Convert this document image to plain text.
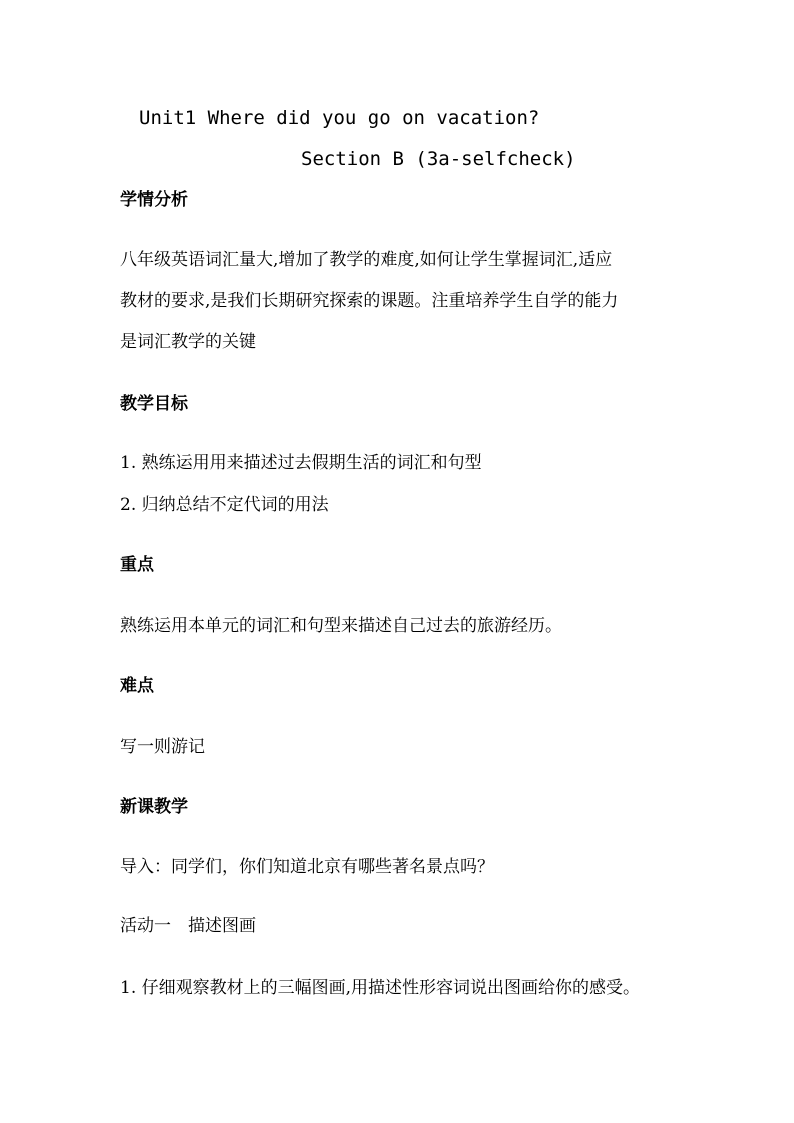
Unit1 Where did you go on vacation?
Section B (3a-selfcheck)
学情分析
八年级英语词汇量大,增加了教学的难度,如何让学生掌握词汇,适应
教材的要求,是我们长期研究探索的课题。注重培养学生自学的能力
是词汇教学的关键
教学目标
1. 熟练运用用来描述过去假期生活的词汇和句型
2. 归纳总结不定代词的用法
重点
熟练运用本单元的词汇和句型来描述自己过去的旅游经历。
难点
写一则游记
新课教学
导入：同学们，你们知道北京有哪些著名景点吗？
活动一　描述图画
1. 仔细观察教材上的三幅图画,用描述性形容词说出图画给你的感受。
